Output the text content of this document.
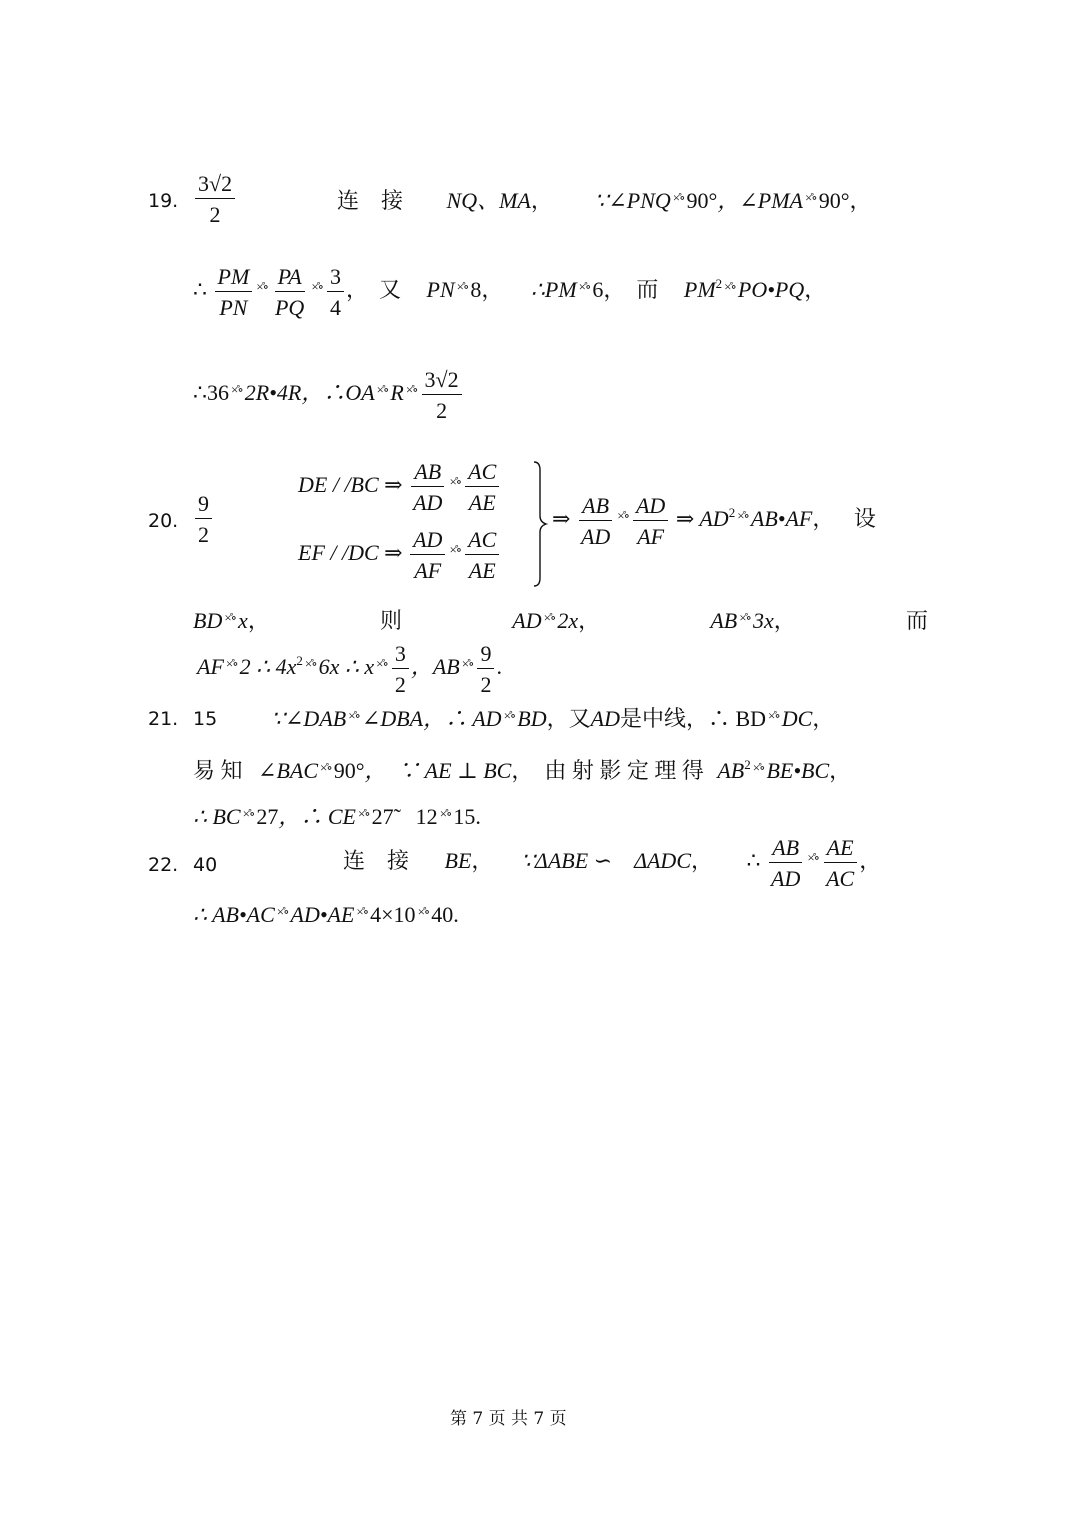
19. $\frac{3√2}{2}$	连　接 NQ、MA， ∵∠PNQ ×̊∘90°，∠PMA ×̊∘90°，
∴ $\frac{PM}{PN} ^{\times̊\circ} \frac{PA}{PQ} ^{\times̊\circ} \frac{3}{4}$ ，　又 PN ×̊∘8， ∴PM ×̊∘6，　而 $PM^2$ ×̊∘PO•PQ，
∴36 ×̊∘2R•4R，∴OA ×̊∘R $^{\times̊\circ} \frac{3√2}{2}$
20. $\frac{9}{2}$
DE / /BC ⇒ $\frac{AB}{AD} ^{\times̊\circ} \frac{AC}{AE}$
EF / /DC ⇒ $\frac{AD}{AF} ^{\times̊\circ} \frac{AC}{AE}$
⇒ $\frac{AB}{AD} ^{\times̊\circ} \frac{AD}{AF}$ ⇒ $AD^2$ ×̊∘AB•AF， 设
BD ×̊∘x，	则	AD ×̊∘2x，	AB ×̊∘3x，	而
AF ×̊∘2 ∴ $4x^2$ ×̊∘6x ∴ x $^{\times̊\circ} \frac{3}{2}$ ，AB $^{\times̊\circ} \frac{9}{2}$ .
21. 15 ∵∠DAB ×̊∘∠DBA，∴ AD ×̊∘BD，又AD是中线，∴ BD ×̊∘DC，
易 知 ∠BAC ×̊∘90°，　∵ AE ⊥ BC，　由 射 影 定 理 得 $AB^2$ ×̊∘BE•BC，
∴ BC ×̊∘27，∴ CE ×̊∘27̃　12 ×̊∘15.
22. 40	连　接 BE， ∵ΔABE ∽　ΔADC， ∴ $\frac{AB}{AD} ^{\times̊\circ} \frac{AE}{AC}$ ，
∴ AB•AC ×̊∘AD•AE ×̊∘4×10 ×̊∘40.
第 7 页 共 7 页
